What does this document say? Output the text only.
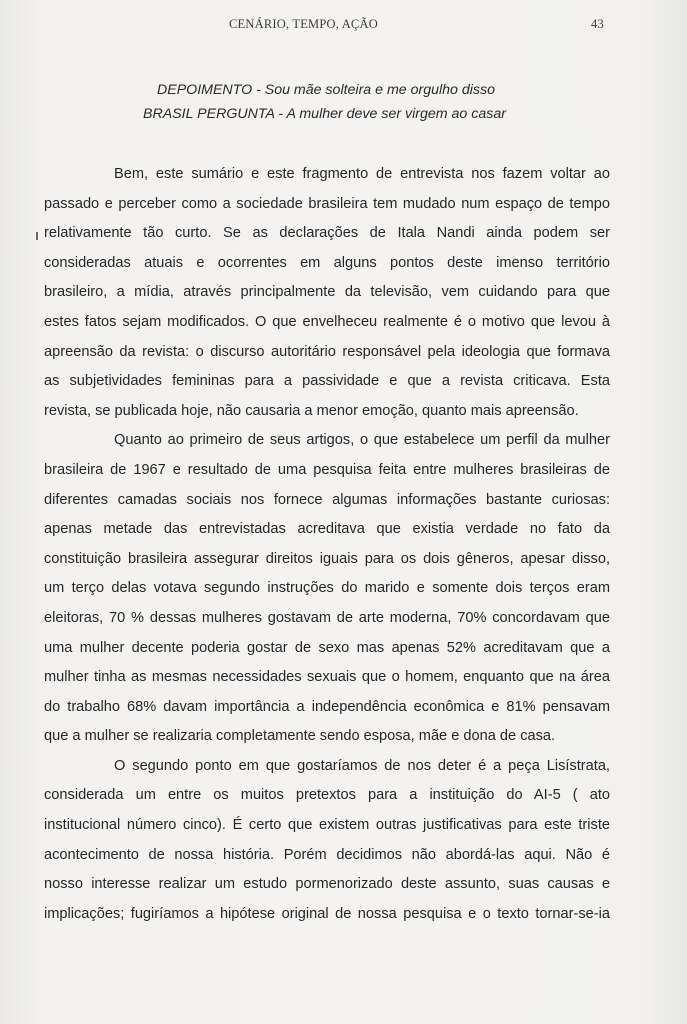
CENÁRIO, TEMPO, AÇÃO	43
DEPOIMENTO - Sou mãe solteira e me orgulho disso
BRASIL PERGUNTA - A mulher deve ser virgem ao casar
Bem, este sumário e este fragmento de entrevista nos fazem voltar ao
passado e perceber como a sociedade brasileira tem mudado num espaço de tempo
relativamente tão curto. Se as declarações de Itala Nandi ainda podem ser
consideradas atuais e ocorrentes em alguns pontos deste imenso território
brasileiro, a mídia, através principalmente da televisão, vem cuidando para que
estes fatos sejam modificados. O que envelheceu realmente é o motivo que levou à
apreensão da revista: o discurso autoritário responsável pela ideologia que formava
as subjetividades femininas para a passividade e que a revista criticava. Esta
revista, se publicada hoje, não causaria a menor emoção, quanto mais apreensão.
Quanto ao primeiro de seus artigos, o que estabelece um perfil da mulher
brasileira de 1967 e resultado de uma pesquisa feita entre mulheres brasileiras de
diferentes camadas sociais nos fornece algumas informações bastante curiosas:
apenas metade das entrevistadas acreditava que existia verdade no fato da
constituição brasileira assegurar direitos iguais para os dois gêneros, apesar disso,
um terço delas votava segundo instruções do marido e somente dois terços eram
eleitoras, 70 % dessas mulheres gostavam de arte moderna, 70% concordavam que
uma mulher decente poderia gostar de sexo mas apenas 52% acreditavam que a
mulher tinha as mesmas necessidades sexuais que o homem, enquanto que na área
do trabalho 68% davam importância a independência econômica e 81% pensavam
que a mulher se realizaria completamente sendo esposa, mãe e dona de casa.
O segundo ponto em que gostaríamos de nos deter é a peça Lisístrata,
considerada um entre os muitos pretextos para a instituição do AI-5 ( ato
institucional número cinco). É certo que existem outras justificativas para este triste
acontecimento de nossa história. Porém decidimos não abordá-las aqui. Não é
nosso interesse realizar um estudo pormenorizado deste assunto, suas causas e
implicações; fugiríamos a hipótese original de nossa pesquisa e o texto tornar-se-ia
